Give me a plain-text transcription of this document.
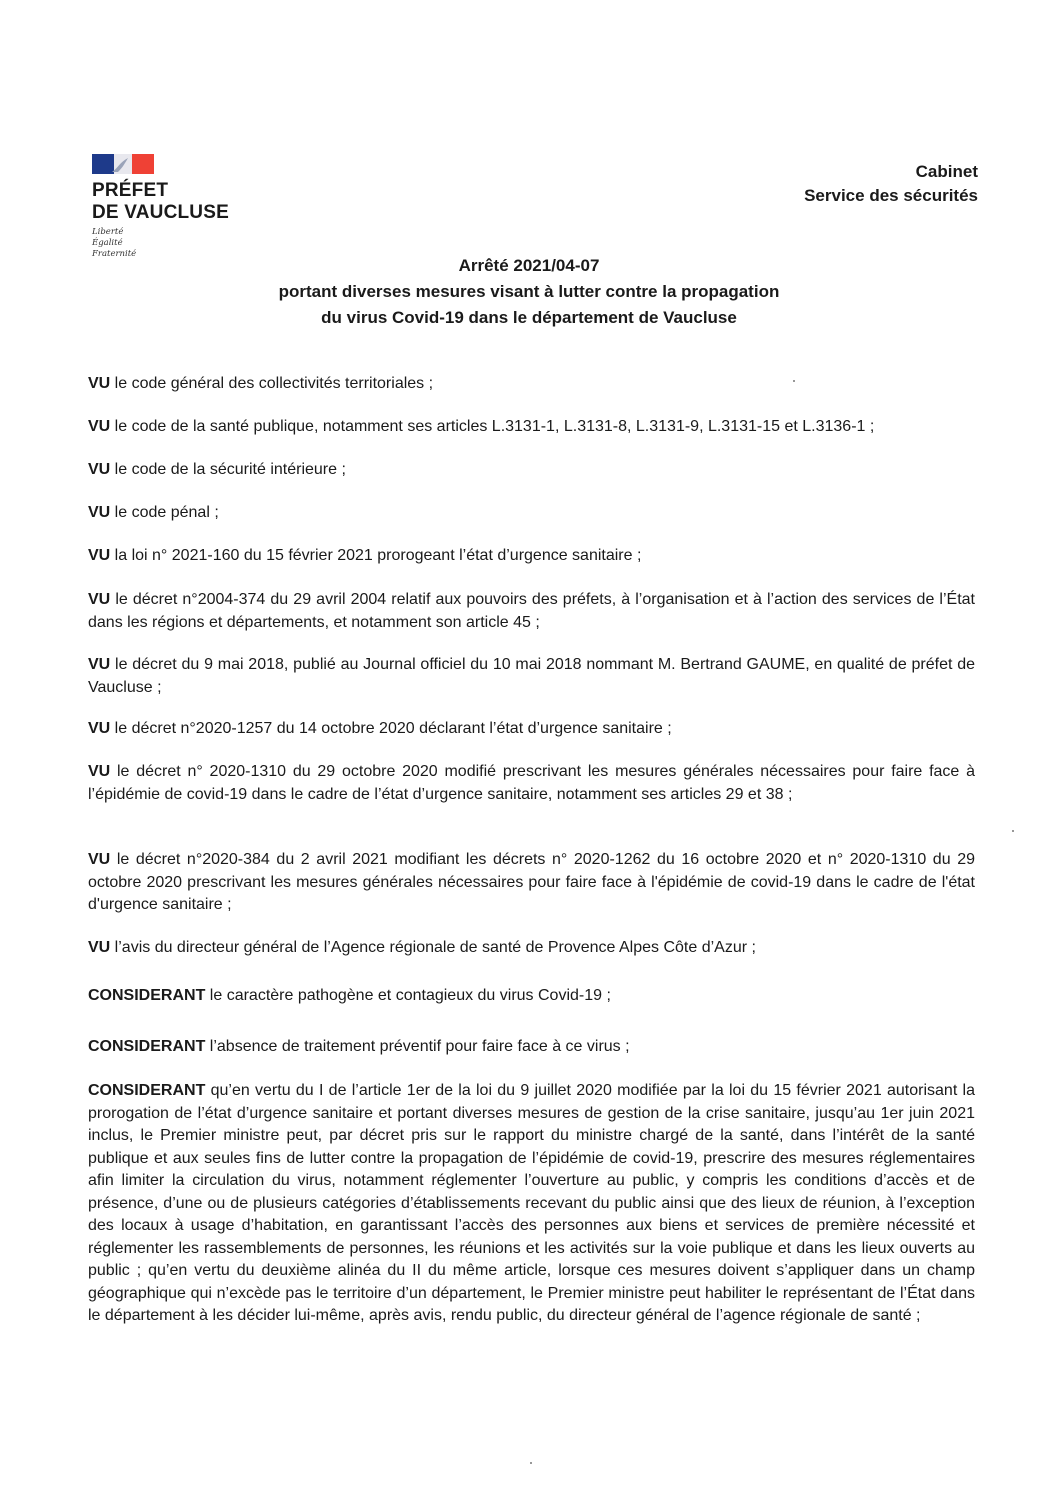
PRÉFET
DE VAUCLUSE
Liberté
Égalité
Fraternité
Cabinet
Service des sécurités
Arrêté 2021/04-07
portant diverses mesures visant à lutter contre la propagation
du virus Covid-19 dans le département de Vaucluse

VU le code général des collectivités territoriales ;

VU le code de la santé publique, notamment ses articles L.3131-1, L.3131-8, L.3131-9, L.3131-15 et L.3136-1 ;

VU le code de la sécurité intérieure ;

VU le code pénal ;

VU la loi n° 2021-160 du 15 février 2021 prorogeant l’état d’urgence sanitaire ;

VU le décret n°2004-374 du 29 avril 2004 relatif aux pouvoirs des préfets, à l’organisation et à l’action des services de l’État dans les régions et départements, et notamment son article 45 ;

VU le décret du 9 mai 2018, publié au Journal officiel du 10 mai 2018 nommant M. Bertrand GAUME, en qualité de préfet de Vaucluse ;

VU le décret n°2020-1257 du 14 octobre 2020 déclarant l’état d’urgence sanitaire ;

VU le décret n° 2020-1310 du 29 octobre 2020 modifié prescrivant les mesures générales nécessaires pour faire face à l’épidémie de covid-19 dans le cadre de l’état d’urgence sanitaire, notamment ses articles 29 et 38 ;

VU le décret n°2020-384 du 2 avril 2021 modifiant les décrets n° 2020-1262 du 16 octobre 2020 et n° 2020-1310 du 29 octobre 2020 prescrivant les mesures générales nécessaires pour faire face à l'épidémie de covid-19 dans le cadre de l'état d'urgence sanitaire ;

VU l’avis du directeur général de l’Agence régionale de santé de Provence Alpes Côte d’Azur ;

CONSIDERANT le caractère pathogène et contagieux du virus Covid-19 ;

CONSIDERANT l’absence de traitement préventif pour faire face à ce virus ;

CONSIDERANT qu’en vertu du I de l’article 1er de la loi du 9 juillet 2020 modifiée par la loi du 15 février 2021 autorisant la prorogation de l’état d’urgence sanitaire et portant diverses mesures de gestion de la crise sanitaire, jusqu’au 1er juin 2021 inclus, le Premier ministre peut, par décret pris sur le rapport du ministre chargé de la santé, dans l’intérêt de la santé publique et aux seules fins de lutter contre la propagation de l’épidémie de covid-19, prescrire des mesures réglementaires afin limiter la circulation du virus, notamment réglementer l’ouverture au public, y compris les conditions d’accès et de présence, d’une ou de plusieurs catégories d’établissements recevant du public ainsi que des lieux de réunion, à l’exception des locaux à usage d’habitation, en garantissant l’accès des personnes aux biens et services de première nécessité et réglementer les rassemblements de personnes, les réunions et les activités sur la voie publique et dans les lieux ouverts au public ; qu’en vertu du deuxième alinéa du II du même article, lorsque ces mesures doivent s’appliquer dans un champ géographique qui n’excède pas le territoire d’un département, le Premier ministre peut habiliter le représentant de l’État dans le département à les décider lui-même, après avis, rendu public, du directeur général de l’agence régionale de santé ;
